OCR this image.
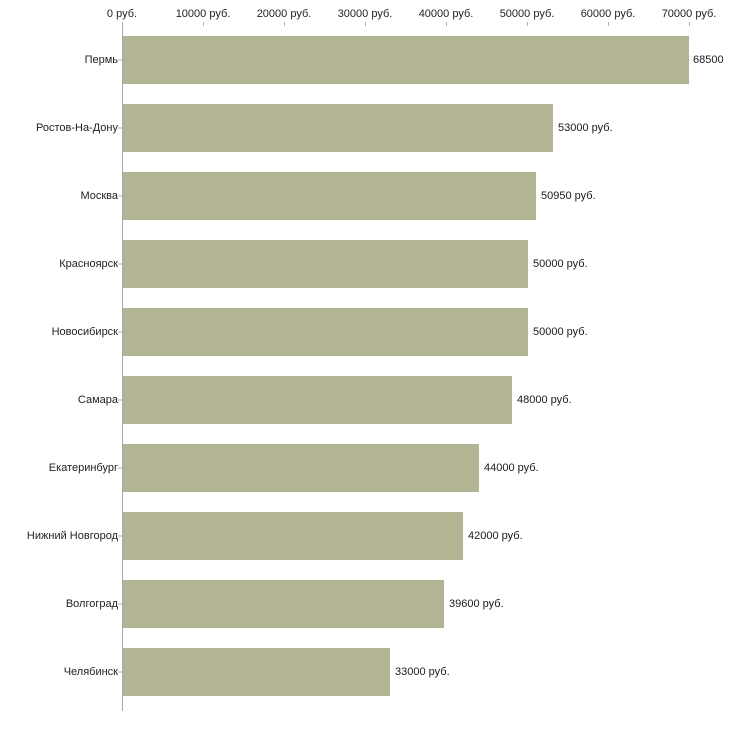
0 руб.	10000 руб. 20000 руб. 30000 руб. 40000 руб. 50000 руб. 60000 руб. 70000 руб.
Пермь	68500
Ростов-На-Дону	53000 руб.
Москва	50950 руб.
Красноярск	50000 руб.
Новосибирск	50000 руб.
Самара	48000 руб.
Екатеринбург	44000 руб.
Нижний Новгород	42000 руб.
Волгоград	39600 руб.
Челябинск	33000 руб.
